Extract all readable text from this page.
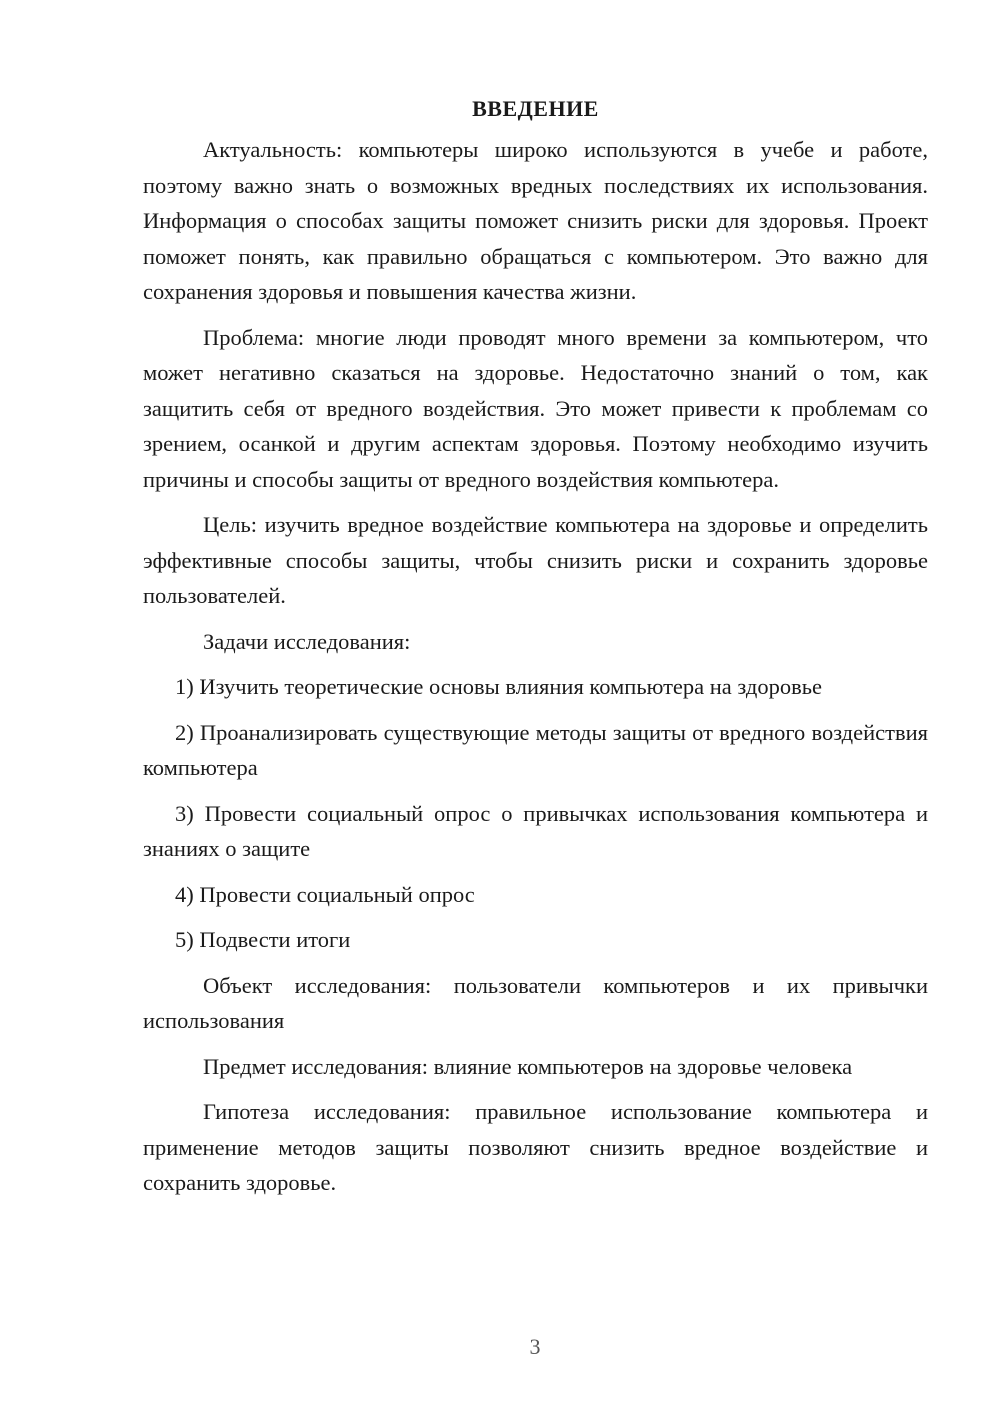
ВВЕДЕНИЕ

Актуальность: компьютеры широко используются в учебе и работе, поэтому важно знать о возможных вредных последствиях их использования. Информация о способах защиты поможет снизить риски для здоровья. Проект поможет понять, как правильно обращаться с компьютером. Это важно для сохранения здоровья и повышения качества жизни.

Проблема: многие люди проводят много времени за компьютером, что может негативно сказаться на здоровье. Недостаточно знаний о том, как защитить себя от вредного воздействия. Это может привести к проблемам со зрением, осанкой и другим аспектам здоровья. Поэтому необходимо изучить причины и способы защиты от вредного воздействия компьютера.

Цель: изучить вредное воздействие компьютера на здоровье и определить эффективные способы защиты, чтобы снизить риски и сохранить здоровье пользователей.

Задачи исследования:

1) Изучить теоретические основы влияния компьютера на здоровье

2) Проанализировать существующие методы защиты от вредного воздействия компьютера

3) Провести социальный опрос о привычках использования компьютера и знаниях о защите

4) Провести социальный опрос

5) Подвести итоги

Объект исследования: пользователи компьютеров и их привычки использования

Предмет исследования: влияние компьютеров на здоровье человека

Гипотеза исследования: правильное использование компьютера и применение методов защиты позволяют снизить вредное воздействие и сохранить здоровье.

3
